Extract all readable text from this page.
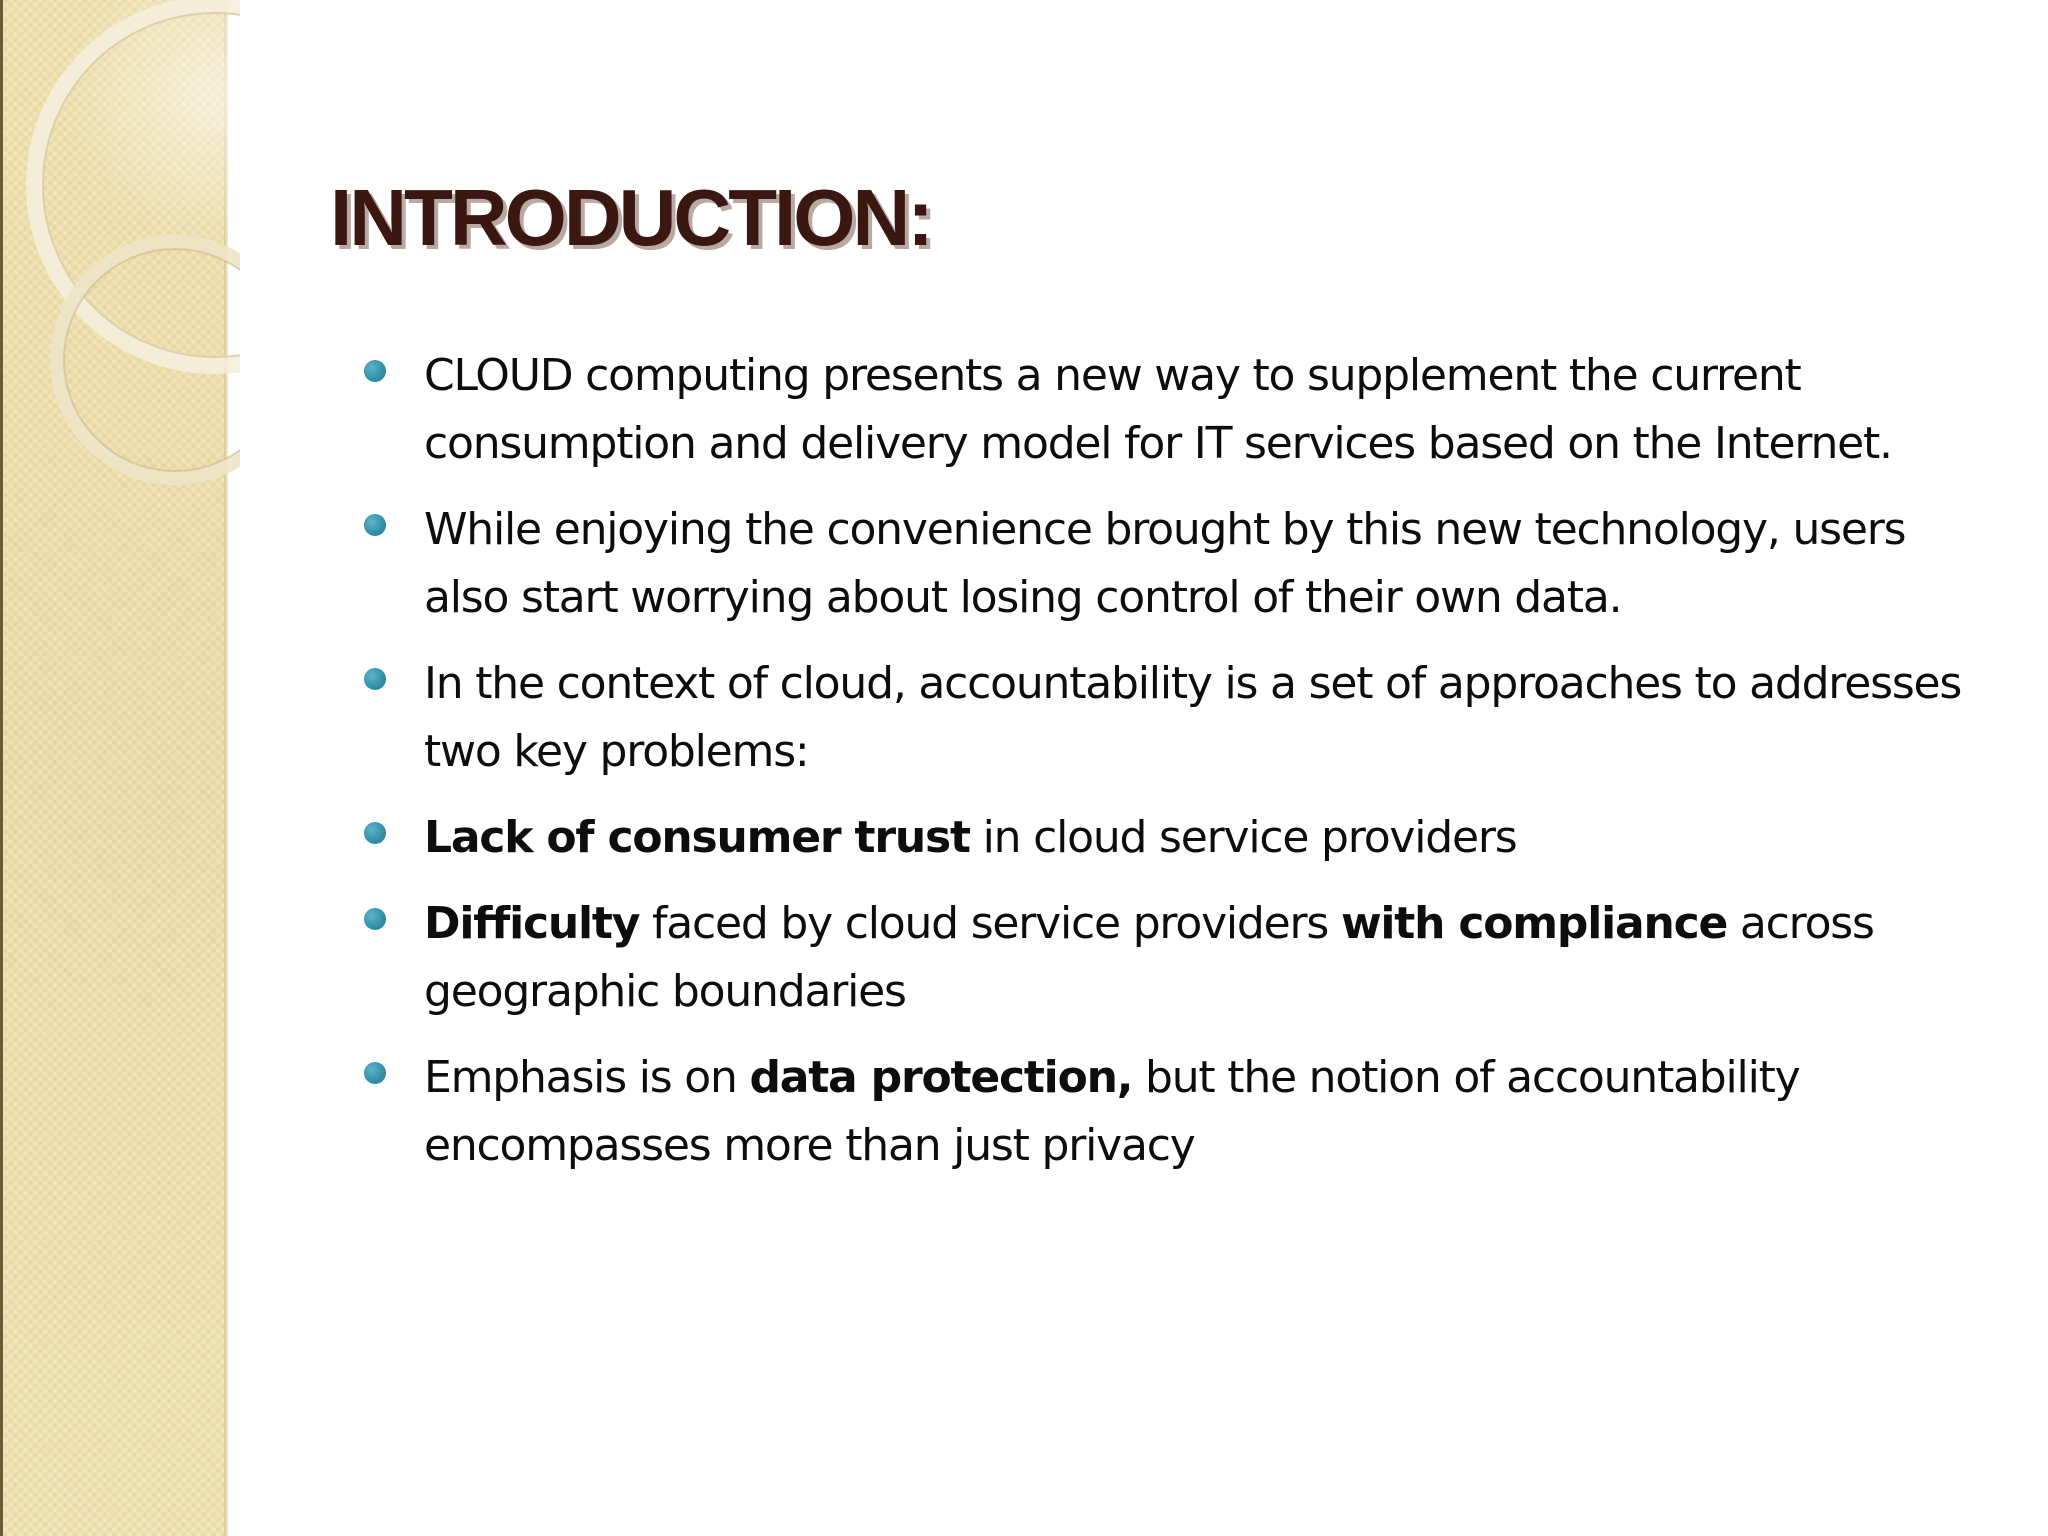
INTRODUCTION:
CLOUD computing presents a new way to supplement the current consumption and delivery model for IT services based on the Internet.
While enjoying the convenience brought by this new technology, users also start worrying about losing control of their own data.
In the context of cloud, accountability is a set of approaches to addresses two key problems:
Lack of consumer trust in cloud service providers
Difficulty faced by cloud service providers with compliance across geographic boundaries
Emphasis is on data protection, but the notion of accountability encompasses more than just privacy
